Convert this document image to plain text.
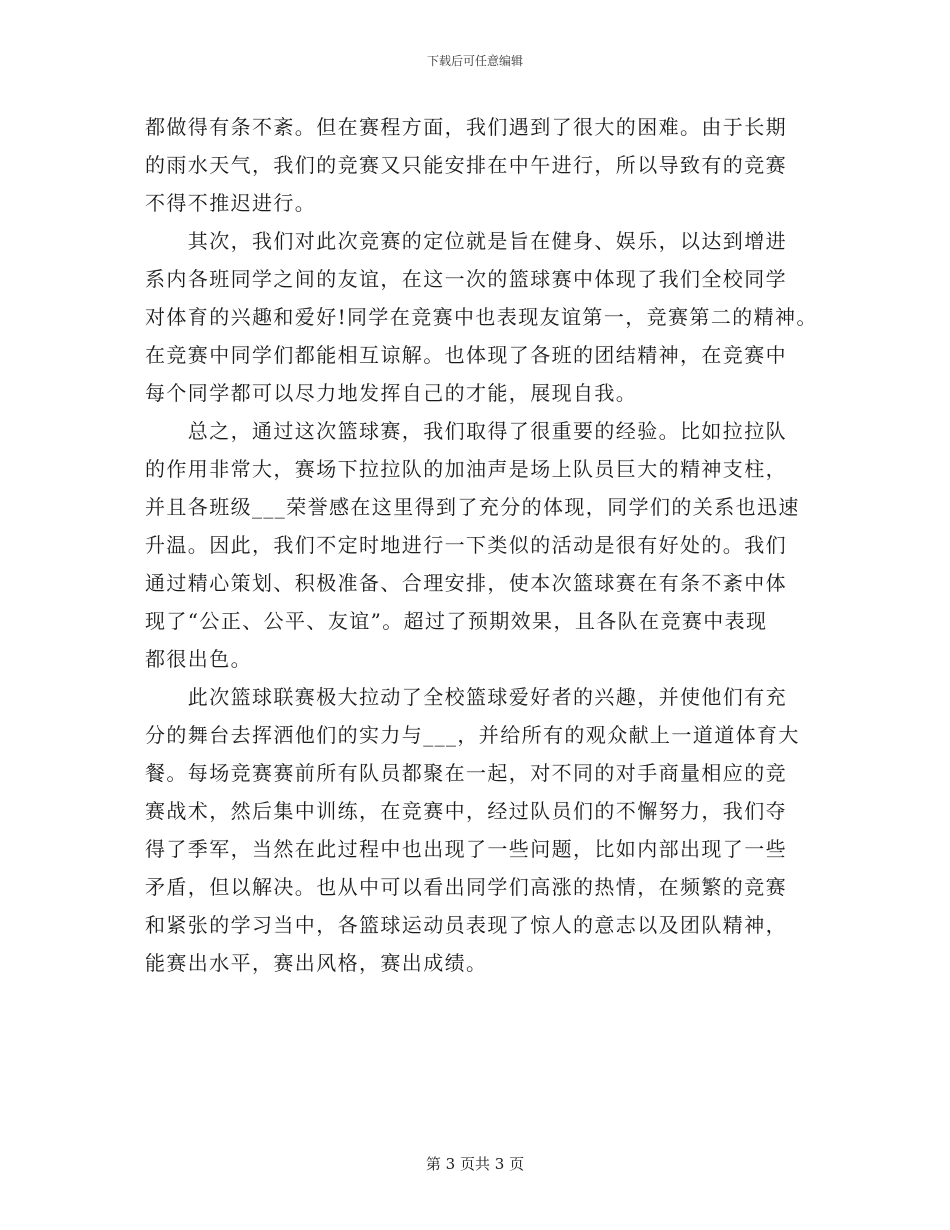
下载后可任意编辑
都做得有条不紊。但在赛程方面，我们遇到了很大的困难。由于长期
的雨水天气，我们的竞赛又只能安排在中午进行，所以导致有的竞赛
不得不推迟进行。
　　其次，我们对此次竞赛的定位就是旨在健身、娱乐，以达到增进
系内各班同学之间的友谊，在这一次的篮球赛中体现了我们全校同学
对体育的兴趣和爱好!同学在竞赛中也表现友谊第一，竞赛第二的精神。
在竞赛中同学们都能相互谅解。也体现了各班的团结精神，在竞赛中
每个同学都可以尽力地发挥自己的才能，展现自我。
　　总之，通过这次篮球赛，我们取得了很重要的经验。比如拉拉队
的作用非常大，赛场下拉拉队的加油声是场上队员巨大的精神支柱，
并且各班级___荣誉感在这里得到了充分的体现，同学们的关系也迅速
升温。因此，我们不定时地进行一下类似的活动是很有好处的。我们
通过精心策划、积极准备、合理安排，使本次篮球赛在有条不紊中体
现了“公正、公平、友谊”。超过了预期效果，且各队在竞赛中表现
都很出色。
　　此次篮球联赛极大拉动了全校篮球爱好者的兴趣，并使他们有充
分的舞台去挥洒他们的实力与___，并给所有的观众献上一道道体育大
餐。每场竞赛赛前所有队员都聚在一起，对不同的对手商量相应的竞
赛战术，然后集中训练，在竞赛中，经过队员们的不懈努力，我们夺
得了季军，当然在此过程中也出现了一些问题，比如内部出现了一些
矛盾，但以解决。也从中可以看出同学们高涨的热情，在频繁的竞赛
和紧张的学习当中，各篮球运动员表现了惊人的意志以及团队精神，
能赛出水平，赛出风格，赛出成绩。
第 3 页共 3 页
